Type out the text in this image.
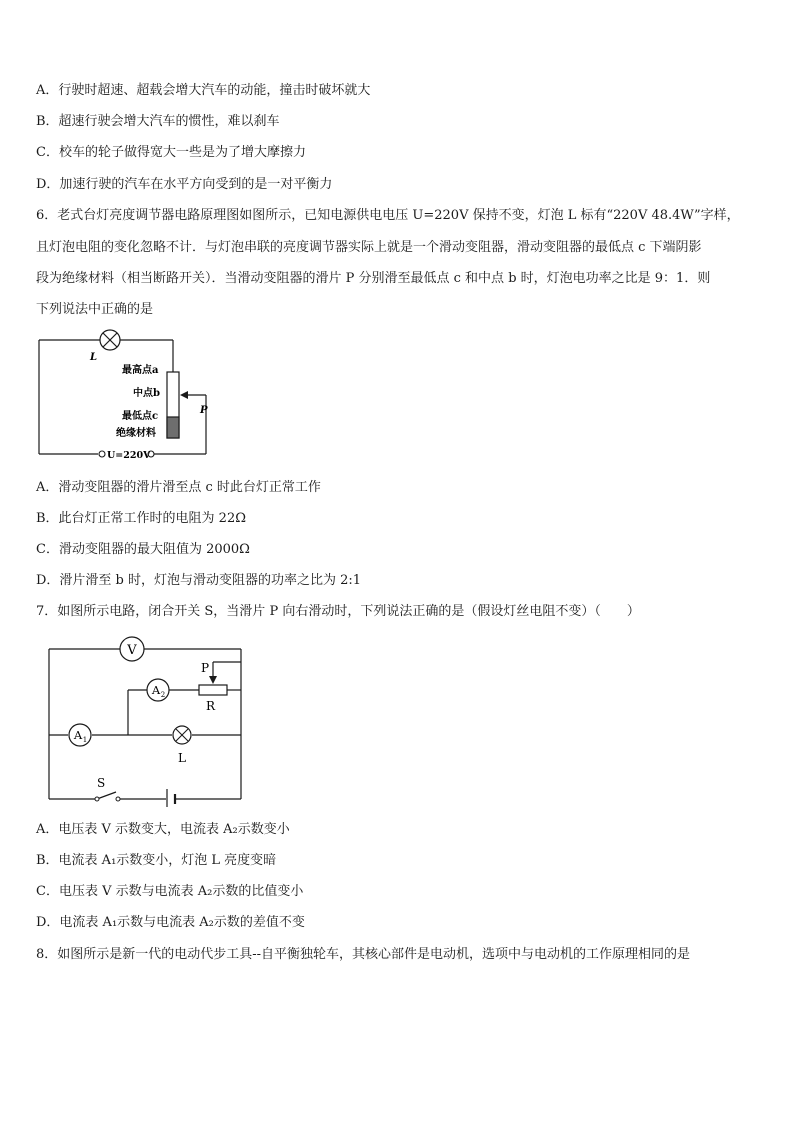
A．行驶时超速、超载会增大汽车的动能，撞击时破坏就大
B．超速行驶会增大汽车的惯性，难以刹车
C．校车的轮子做得宽大一些是为了增大摩擦力
D．加速行驶的汽车在水平方向受到的是一对平衡力
6．老式台灯亮度调节器电路原理图如图所示，已知电源供电电压 U=220V 保持不变，灯泡 L 标有“220V 48.4W”字样，
且灯泡电阻的变化忽略不计．与灯泡串联的亮度调节器实际上就是一个滑动变阻器，滑动变阻器的最低点 c 下端阴影
段为绝缘材料（相当断路开关）．当滑动变阻器的滑片 P 分别滑至最低点 c 和中点 b 时，灯泡电功率之比是 9：1．则
下列说法中正确的是
L
最高点a
中点b
最低点c
绝缘材料
P
U=220V
A．滑动变阻器的滑片滑至点 c 时此台灯正常工作
B．此台灯正常工作时的电阻为 22Ω
C．滑动变阻器的最大阻值为 2000Ω
D．滑片滑至 b 时，灯泡与滑动变阻器的功率之比为 2:1
7．如图所示电路，闭合开关 S，当滑片 P 向右滑动时，下列说法正确的是（假设灯丝电阻不变）（　　）
V
A 2
P
R
A 1
L
S
A．电压表 V 示数变大，电流表 A₂示数变小
B．电流表 A₁示数变小，灯泡 L 亮度变暗
C．电压表 V 示数与电流表 A₂示数的比值变小
D．电流表 A₁示数与电流表 A₂示数的差值不变
8．如图所示是新一代的电动代步工具--自平衡独轮车，其核心部件是电动机，选项中与电动机的工作原理相同的是
